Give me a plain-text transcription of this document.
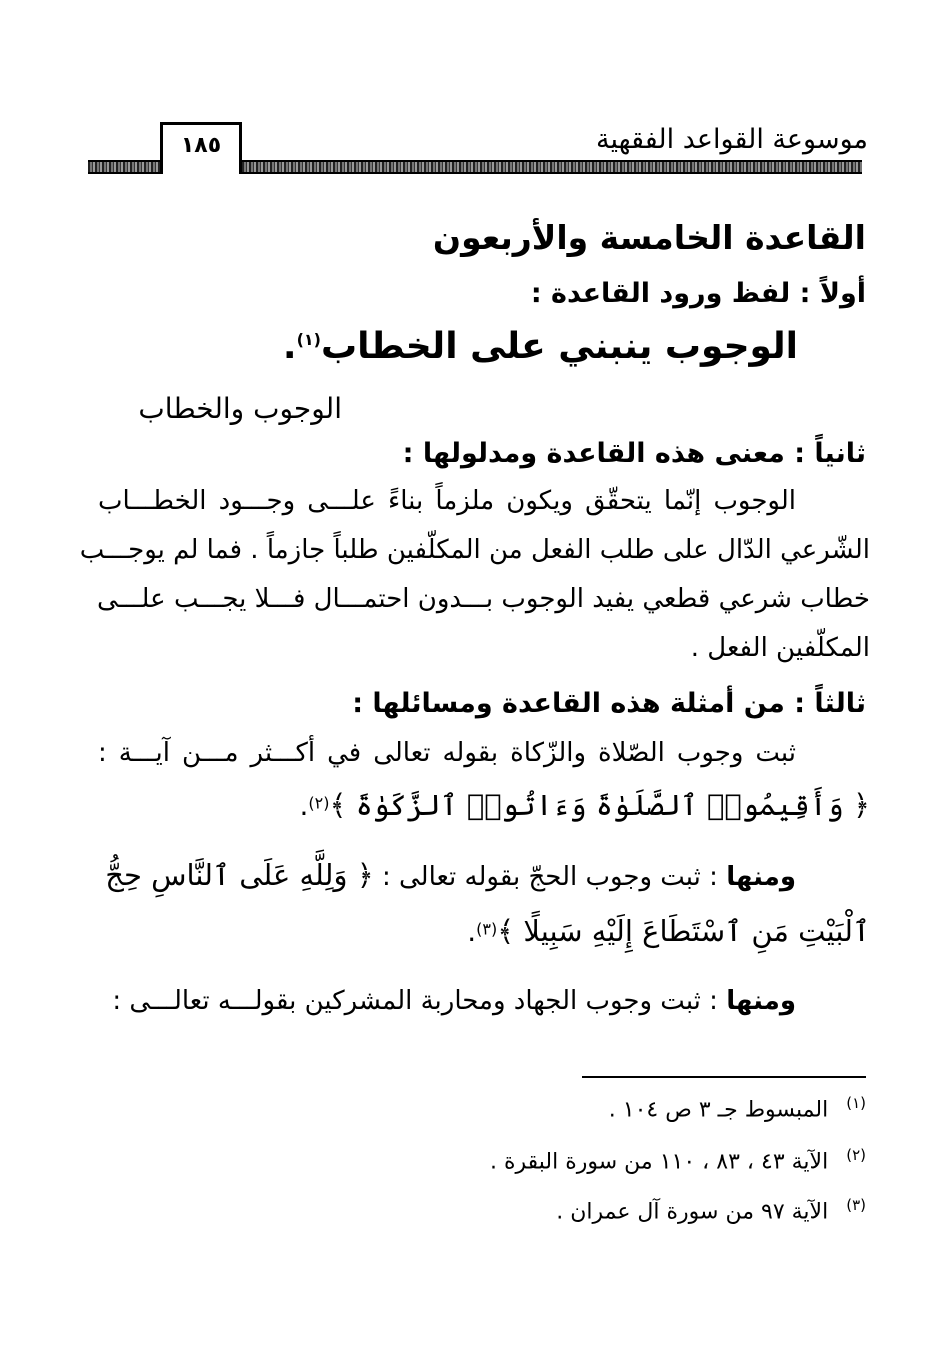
موسوعة القواعد الفقهية
١٨٥
القاعدة الخامسة والأربعون
أولاً : لفظ ورود القاعدة :
الوجوب ينبني على الخطاب$^{(١)}$.
الوجوب والخطاب
ثانياً : معنى هذه القاعدة ومدلولها :
الوجوب إنّما يتحقّق ويكون ملزماً بناءً علـــى وجـــود الخطـــاب
الشّرعي الدّال على طلب الفعل من المكلّفين طلباً جازماً . فما لم يوجـــب
خطاب شرعي قطعي يفيد الوجوب بـــدون احتمـــال فـــلا يجـــب علـــى
المكلّفين الفعل .
ثالثاً : من أمثلة هذه القاعدة ومسائلها :
ثبت وجوب الصّلاة والزّكاة بقوله تعالى في أكـــثر مـــن آيـــة :
﴿ وَأَقِيمُوا۟ ٱلصَّلَوٰةَ وَءَاتُوا۟ ٱلزَّكَوٰةَ ﴾$^{(٢)}$.
ومنها : ثبت وجوب الحجّ بقوله تعالى : ﴿ وَلِلَّهِ عَلَى ٱلنَّاسِ حِجُّ
ٱلْبَيْتِ مَنِ ٱسْتَطَاعَ إِلَيْهِ سَبِيلًا ﴾$^{(٣)}$.
ومنها : ثبت وجوب الجهاد ومحاربة المشركين بقولـــه تعالـــى :
$^{(١)}$المبسوط جـ ٣ ص ١٠٤ .
$^{(٢)}$الآية ٤٣ ، ٨٣ ، ١١٠ من سورة البقرة .
$^{(٣)}$الآية ٩٧ من سورة آل عمران .
